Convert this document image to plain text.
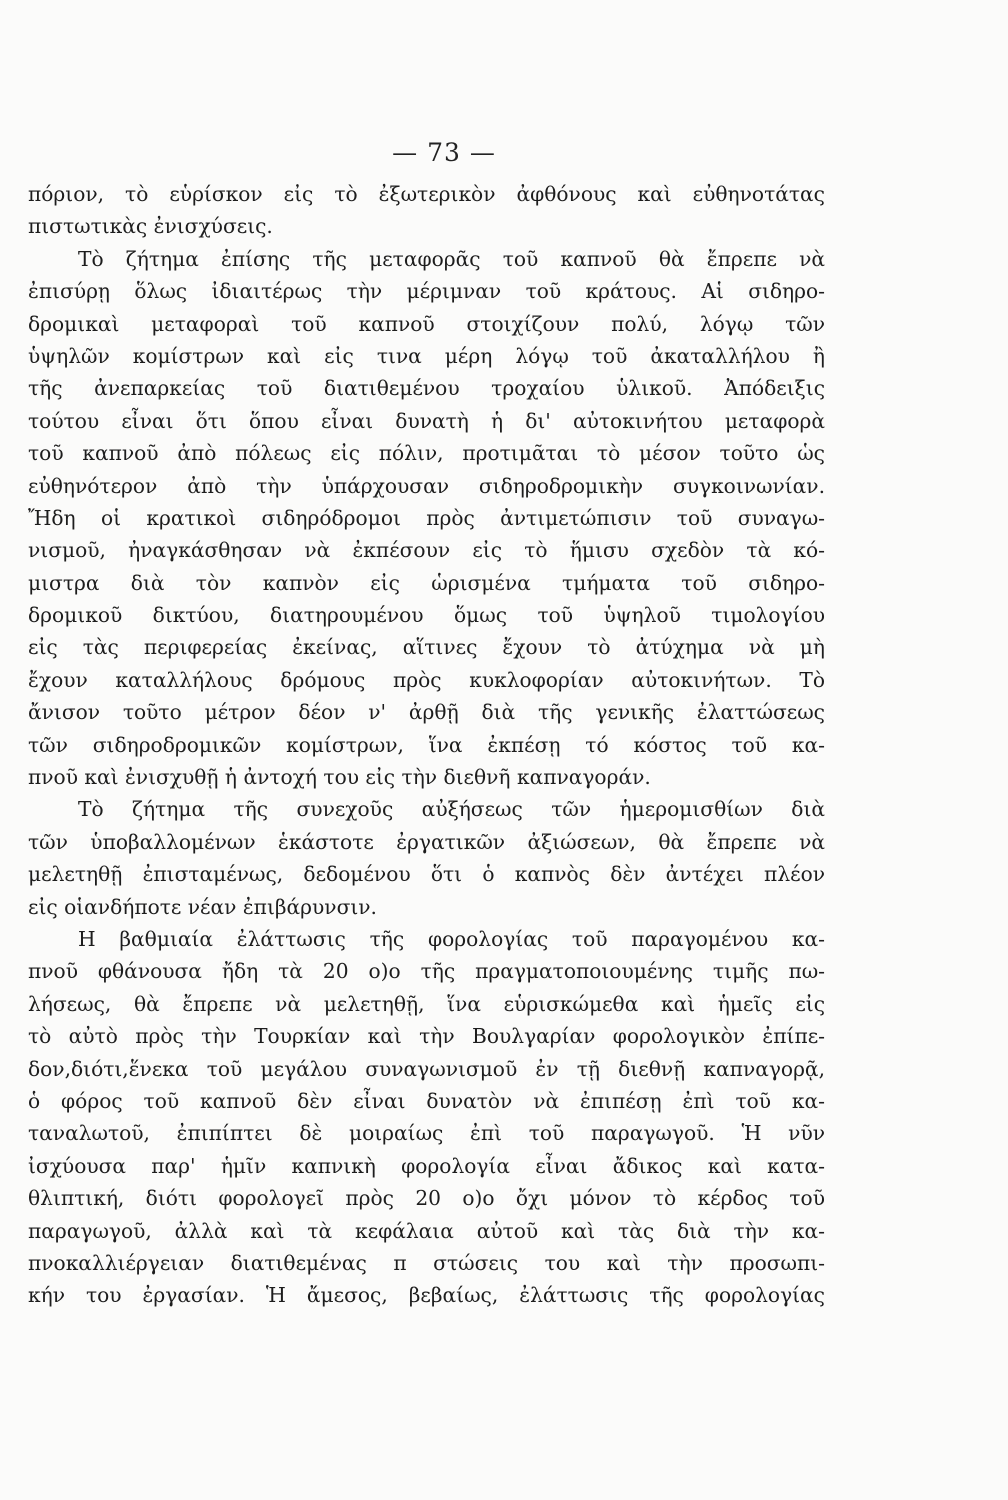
— 73 —
πόριον, τὸ εὑρίσκον εἰς τὸ ἐξωτερικὸν ἀφθόνους καὶ εὐθηνοτάτας
πιστωτικὰς ἐνισχύσεις.
Τὸ ζήτημα ἐπίσης τῆς μεταφορᾶς τοῦ καπνοῦ θὰ ἔπρεπε νὰ
ἐπισύρῃ ὅλως ἰδιαιτέρως τὴν μέριμναν τοῦ κράτους. Αἱ σιδηρο-
δρομικαὶ μεταφοραὶ τοῦ καπνοῦ στοιχίζουν πολύ, λόγῳ τῶν
ὑψηλῶν κομίστρων καὶ εἰς τινα μέρη λόγῳ τοῦ ἀκαταλλήλου ἢ
τῆς ἀνεπαρκείας τοῦ διατιθεμένου τροχαίου ὑλικοῦ. Ἀπόδειξις
τούτου εἶναι ὅτι ὅπου εἶναι δυνατὴ ἡ δι' αὐτοκινήτου μεταφορὰ
τοῦ καπνοῦ ἀπὸ πόλεως εἰς πόλιν, προτιμᾶται τὸ μέσον τοῦτο ὡς
εὐθηνότερον ἀπὸ τὴν ὑπάρχουσαν σιδηροδρομικὴν συγκοινωνίαν.
Ἤδη οἱ κρατικοὶ σιδηρόδρομοι πρὸς ἀντιμετώπισιν τοῦ συναγω-
νισμοῦ, ἠναγκάσθησαν νὰ ἐκπέσουν εἰς τὸ ἥμισυ σχεδὸν τὰ κό-
μιστρα διὰ τὸν καπνὸν εἰς ὡρισμένα τμήματα τοῦ σιδηρο-
δρομικοῦ δικτύου, διατηρουμένου ὅμως τοῦ ὑψηλοῦ τιμολογίου
εἰς τὰς περιφερείας ἐκείνας, αἵτινες ἔχουν τὸ ἀτύχημα νὰ μὴ
ἔχουν καταλλήλους δρόμους πρὸς κυκλοφορίαν αὐτοκινήτων. Τὸ
ἄνισον τοῦτο μέτρον δέον ν' ἀρθῇ διὰ τῆς γενικῆς ἐλαττώσεως
τῶν σιδηροδρομικῶν κομίστρων, ἵνα ἐκπέσῃ τό κόστος τοῦ κα-
πνοῦ καὶ ἐνισχυθῇ ἡ ἀντοχή του εἰς τὴν διεθνῆ καπναγοράν.
Τὸ ζήτημα τῆς συνεχοῦς αὐξήσεως τῶν ἡμερομισθίων διὰ
τῶν ὑποβαλλομένων ἑκάστοτε ἐργατικῶν ἀξιώσεων, θὰ ἔπρεπε νὰ
μελετηθῇ ἐπισταμένως, δεδομένου ὅτι ὁ καπνὸς δὲν ἀντέχει πλέον
εἰς οἱανδήποτε νέαν ἐπιβάρυνσιν.
Η βαθμιαία ἐλάττωσις τῆς φορολογίας τοῦ παραγομένου κα-
πνοῦ φθάνουσα ἤδη τὰ 20 ο)ο τῆς πραγματοποιουμένης τιμῆς πω-
λήσεως, θὰ ἔπρεπε νὰ μελετηθῇ, ἵνα εὑρισκώμεθα καὶ ἡμεῖς εἰς
τὸ αὐτὸ πρὸς τὴν Τουρκίαν καὶ τὴν Βουλγαρίαν φορολογικὸν ἐπίπε-
δον,διότι,ἕνεκα τοῦ μεγάλου συναγωνισμοῦ ἐν τῇ διεθνῇ καπναγορᾷ,
ὁ φόρος τοῦ καπνοῦ δὲν εἶναι δυνατὸν νὰ ἐπιπέσῃ ἐπὶ τοῦ κα-
ταναλωτοῦ, ἐπιπίπτει δὲ μοιραίως ἐπὶ τοῦ παραγωγοῦ. Ἡ νῦν
ἰσχύουσα παρ' ἡμῖν καπνικὴ φορολογία εἶναι ἄδικος καὶ κατα-
θλιπτική, διότι φορολογεῖ πρὸς 20 ο)ο ὄχι μόνον τὸ κέρδος τοῦ
παραγωγοῦ, ἀλλὰ καὶ τὰ κεφάλαια αὐτοῦ καὶ τὰς διὰ τὴν κα-
πνοκαλλιέργειαν διατιθεμένας π στώσεις του καὶ τὴν προσωπι-
κήν του ἐργασίαν. Ἡ ἄμεσος, βεβαίως, ἐλάττωσις τῆς φορολογίας
